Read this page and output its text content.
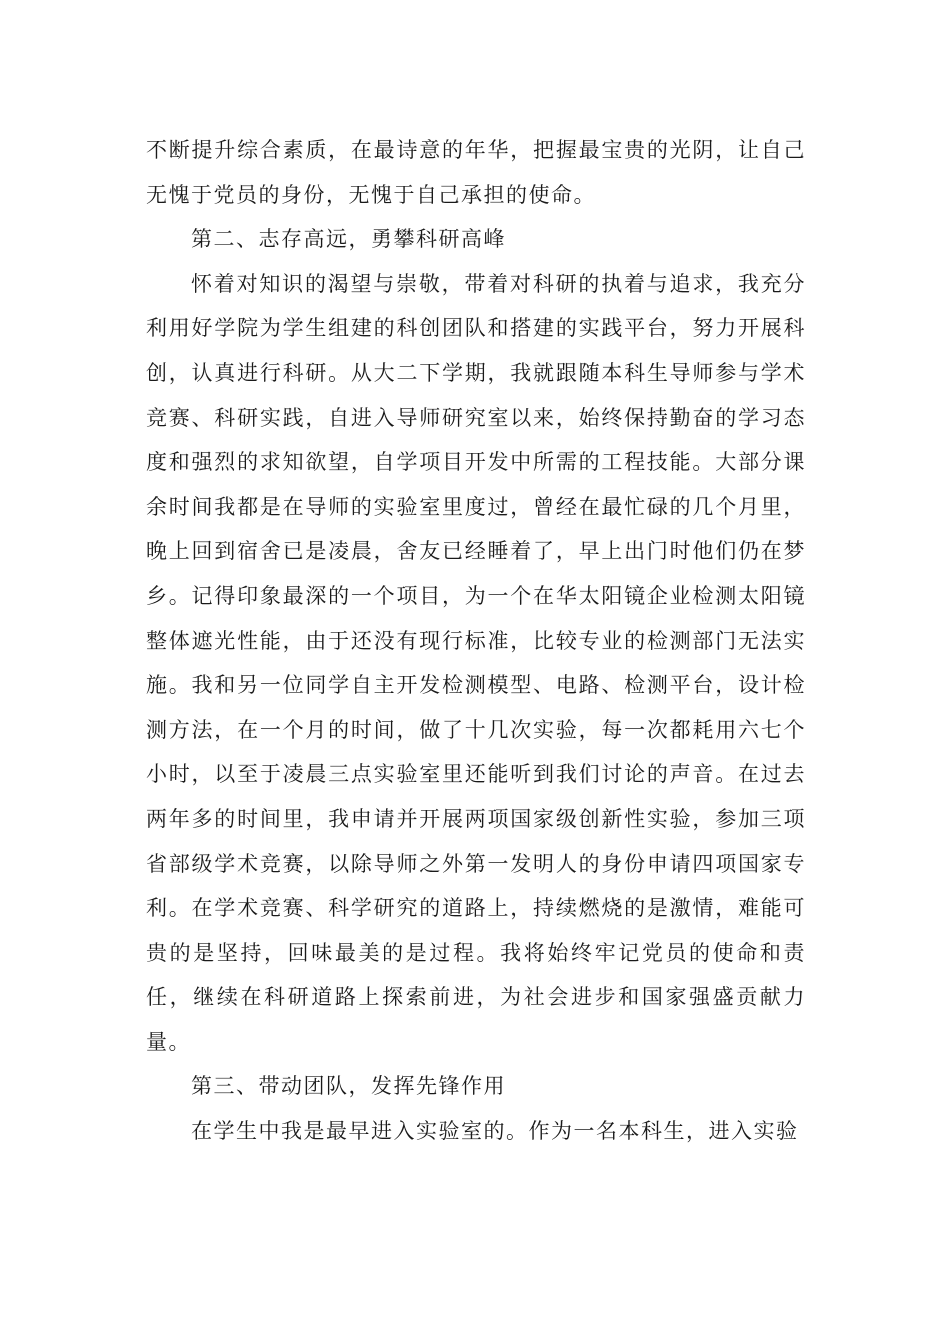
不断提升综合素质，在最诗意的年华，把握最宝贵的光阴，让自己无愧于党员的身份，无愧于自己承担的使命。

第二、志存高远，勇攀科研高峰

怀着对知识的渴望与崇敬，带着对科研的执着与追求，我充分利用好学院为学生组建的科创团队和搭建的实践平台，努力开展科创，认真进行科研。从大二下学期，我就跟随本科生导师参与学术竞赛、科研实践，自进入导师研究室以来，始终保持勤奋的学习态度和强烈的求知欲望，自学项目开发中所需的工程技能。大部分课余时间我都是在导师的实验室里度过，曾经在最忙碌的几个月里，晚上回到宿舍已是凌晨，舍友已经睡着了，早上出门时他们仍在梦乡。记得印象最深的一个项目，为一个在华太阳镜企业检测太阳镜整体遮光性能，由于还没有现行标准，比较专业的检测部门无法实施。我和另一位同学自主开发检测模型、电路、检测平台，设计检测方法，在一个月的时间，做了十几次实验，每一次都耗用六七个小时，以至于凌晨三点实验室里还能听到我们讨论的声音。在过去两年多的时间里，我申请并开展两项国家级创新性实验，参加三项省部级学术竞赛，以除导师之外第一发明人的身份申请四项国家专利。在学术竞赛、科学研究的道路上，持续燃烧的是激情，难能可贵的是坚持，回味最美的是过程。我将始终牢记党员的使命和责任，继续在科研道路上探索前进，为社会进步和国家强盛贡献力量。

第三、带动团队，发挥先锋作用

在学生中我是最早进入实验室的。作为一名本科生，进入实验
